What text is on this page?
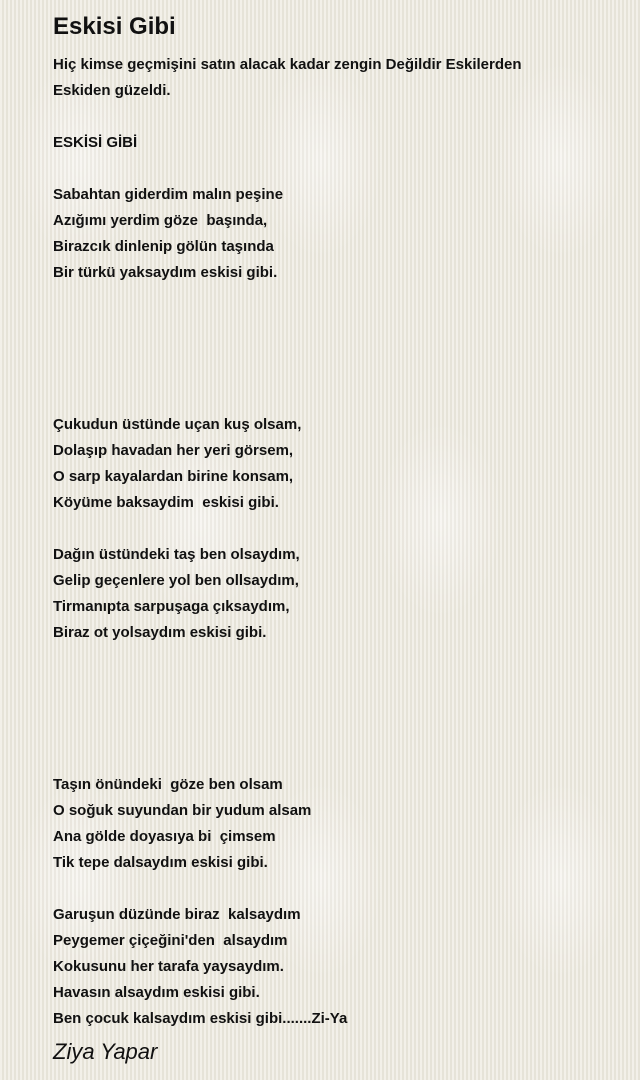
Eskisi Gibi
Hiç kimse geçmişini satın alacak kadar zengin Değildir Eskilerden
Eskiden güzeldi.
ESKİSİ GİBİ
Sabahtan giderdim malın peşine
Azığımı yerdim göze  başında,
Birazcık dinlenip gölün taşında
Bir türkü yaksaydım eskisi gibi.
Çukudun üstünde uçan kuş olsam,
Dolaşıp havadan her yeri görsem,
O sarp kayalardan birine konsam,
Köyüme baksaydim  eskisi gibi.
Dağın üstündeki taş ben olsaydım,
Gelip geçenlere yol ben ollsaydım,
Tirmanıpta sarpuşaga çıksaydım,
Biraz ot yolsaydım eskisi gibi.
Taşın önündeki  göze ben olsam
O soğuk suyundan bir yudum alsam
Ana gölde doyasıya bi  çimsem
Tik tepe dalsaydım eskisi gibi.
Garuşun düzünde biraz  kalsaydım
Peygemer çiçeğini'den  alsaydım
Kokusunu her tarafa yaysaydım.
Havasın alsaydım eskisi gibi.
Ben çocuk kalsaydım eskisi gibi.......Zi-Ya
Ziya Yapar
